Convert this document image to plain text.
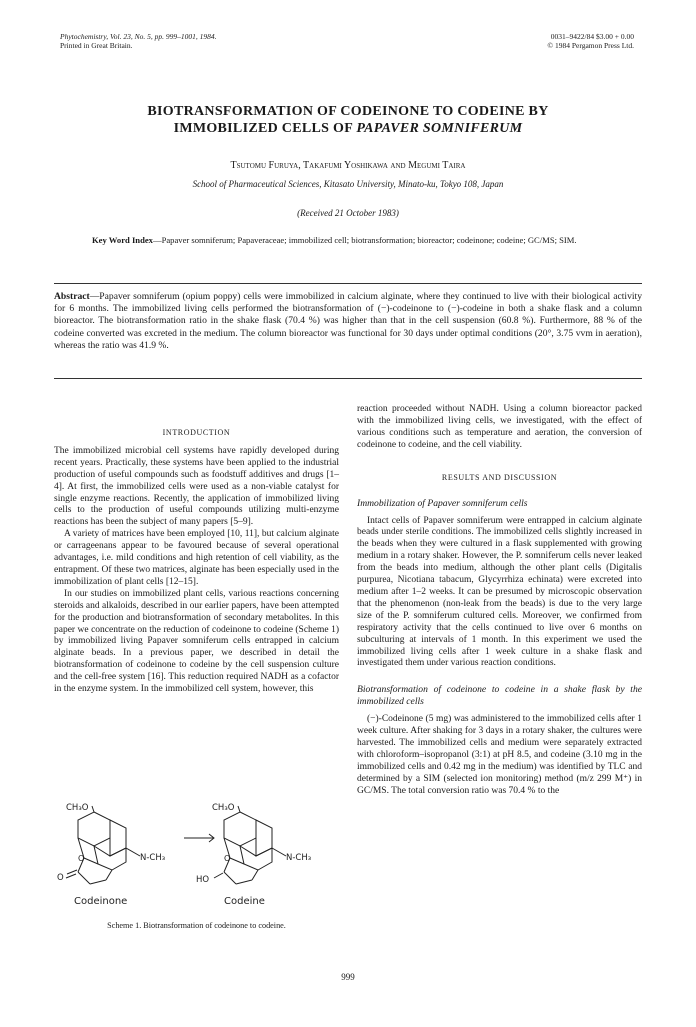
Phytochemistry, Vol. 23, No. 5, pp. 999–1001, 1984.
Printed in Great Britain.
0031–9422/84 $3.00 + 0.00
© 1984 Pergamon Press Ltd.
BIOTRANSFORMATION OF CODEINONE TO CODEINE BY
IMMOBILIZED CELLS OF PAPAVER SOMNIFERUM
Tsutomu Furuya, Takafumi Yoshikawa and Megumi Taira
School of Pharmaceutical Sciences, Kitasato University, Minato-ku, Tokyo 108, Japan
(Received 21 October 1983)
Key Word Index—Papaver somniferum; Papaveraceae; immobilized cell; biotransformation; bioreactor; codeinone; codeine; GC/MS; SIM.
Abstract—Papaver somniferum (opium poppy) cells were immobilized in calcium alginate, where they continued to live with their biological activity for 6 months. The immobilized living cells performed the biotransformation of (−)-codeinone to (−)-codeine in both a shake flask and a column bioreactor. The biotransformation ratio in the shake flask (70.4 %) was higher than that in the cell suspension (60.8 %). Furthermore, 88 % of the codeine converted was excreted in the medium. The column bioreactor was functional for 30 days under optimal conditions (20°, 3.75 vvm in aeration), whereas the ratio was 41.9 %.
INTRODUCTION

The immobilized microbial cell systems have rapidly developed during recent years. Practically, these systems have been applied to the industrial production of useful compounds such as foodstuff additives and drugs [1–4]. At first, the immobilized cells were used as a non-viable catalyst for single enzyme reactions. Recently, the application of immobilized living cells to the production of useful compounds utilizing multi-enzyme reactions has been the subject of many papers [5–9].

A variety of matrices have been employed [10, 11], but calcium alginate or carrageenans appear to be favoured because of several operational advantages, i.e. mild conditions and high retention of cell viability, as the entrapment. Of these two matrices, alginate has been especially used in the immobilization of plant cells [12–15].

In our studies on immobilized plant cells, various reactions concerning steroids and alkaloids, described in our earlier papers, have been attempted for the production and biotransformation of secondary metabolites. In this paper we concentrate on the reduction of codeinone to codeine (Scheme 1) by immobilized living Papaver somniferum cells entrapped in calcium alginate beads. In a previous paper, we described in detail the biotransformation of codeinone to codeine by the cell suspension culture and the cell-free system [16]. This reduction required NADH as a cofactor in the enzyme system. In the immobilized cell system, however, this

CH₃O
O
O
N-CH₃
CH₃O
O
HO
N-CH₃
Codeinone	Codeine
Scheme 1. Biotransformation of codeinone to codeine.

reaction proceeded without NADH. Using a column bioreactor packed with the immobilized living cells, we investigated, with the effect of various conditions such as temperature and aeration, the conversion of codeinone to codeine, and the cell viability.

RESULTS AND DISCUSSION
Immobilization of Papaver somniferum cells

Intact cells of Papaver somniferum were entrapped in calcium alginate beads under sterile conditions. The immobilized cells slightly increased in the beads when they were cultured in a flask supplemented with growing medium in a rotary shaker. However, the P. somniferum cells never leaked from the beads into medium, although the other plant cells (Digitalis purpurea, Nicotiana tabacum, Glycyrrhiza echinata) were excreted into medium after 1–2 weeks. It can be presumed by microscopic observation that the phenomenon (non-leak from the beads) is due to the very large size of the P. somniferum cultured cells. Moreover, we confirmed from respiratory activity that the cells continued to live over 6 months on subculturing at intervals of 1 month. In this experiment we used the immobilized living cells after 1 week culture in a shake flask and investigated them under various reaction conditions.

Biotransformation of codeinone to codeine in a shake flask by the immobilized cells

(−)-Codeinone (5 mg) was administered to the immobilized cells after 1 week culture. After shaking for 3 days in a rotary shaker, the cultures were harvested. The immobilized cells and medium were separately extracted with chloroform–isopropanol (3:1) at pH 8.5, and codeine (3.10 mg in the immobilized cells and 0.42 mg in the medium) was identified by TLC and determined by a SIM (selected ion monitoring) method (m/z 299 M⁺) in GC/MS. The total conversion ratio was 70.4 % to the

999
